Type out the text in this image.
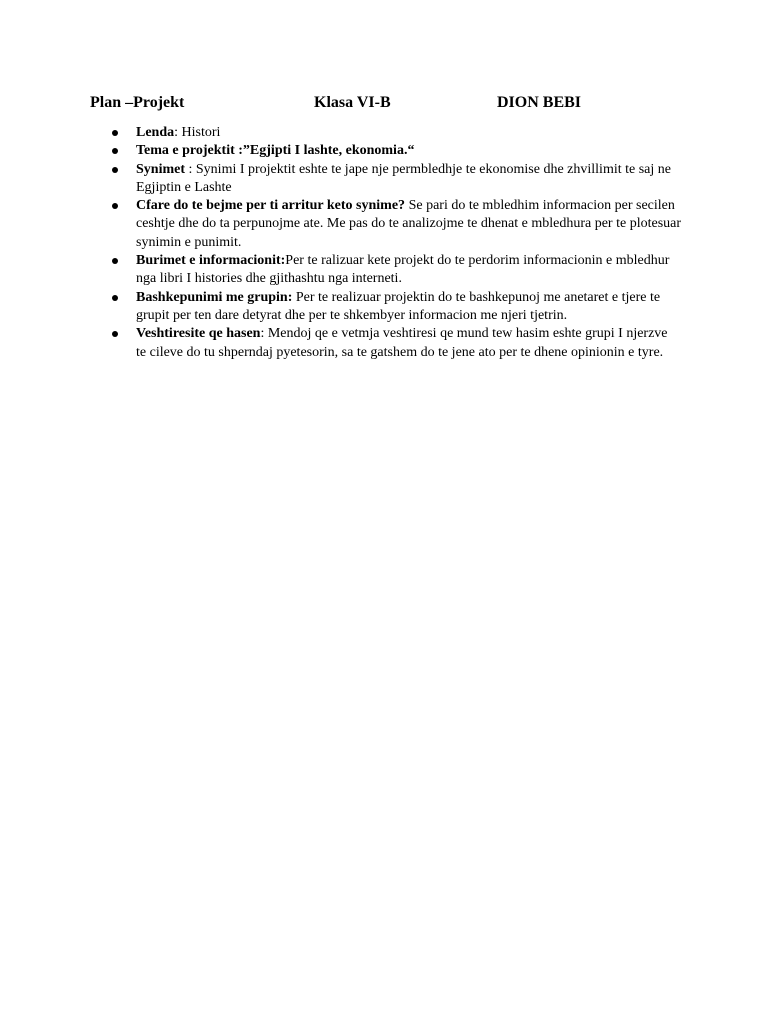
Plan –Projekt	Klasa VI-B	DION BEBI
Lenda: Histori
Tema e projektit :”Egjipti I lashte, ekonomia.“
Synimet : Synimi I projektit eshte te jape nje permbledhje te ekonomise dhe zhvillimit te saj ne Egjiptin e Lashte
Cfare do te bejme per ti arritur keto synime? Se pari do te mbledhim informacion per secilen ceshtje dhe do ta perpunojme ate. Me pas do te analizojme te dhenat e mbledhura per te plotesuar synimin e punimit.
Burimet e informacionit:Per te ralizuar kete projekt do te perdorim informacionin e mbledhur nga libri I histories dhe gjithashtu nga interneti.
Bashkepunimi me grupin: Per te realizuar projektin do te bashkepunoj me anetaret e tjere te grupit per ten dare detyrat dhe per te shkembyer informacion me njeri tjetrin.
Veshtiresite qe hasen: Mendoj qe e vetmja veshtiresi qe mund tew hasim eshte grupi I njerzve te cileve do tu shperndaj pyetesorin, sa te gatshem do te jene ato per te dhene opinionin e tyre.
